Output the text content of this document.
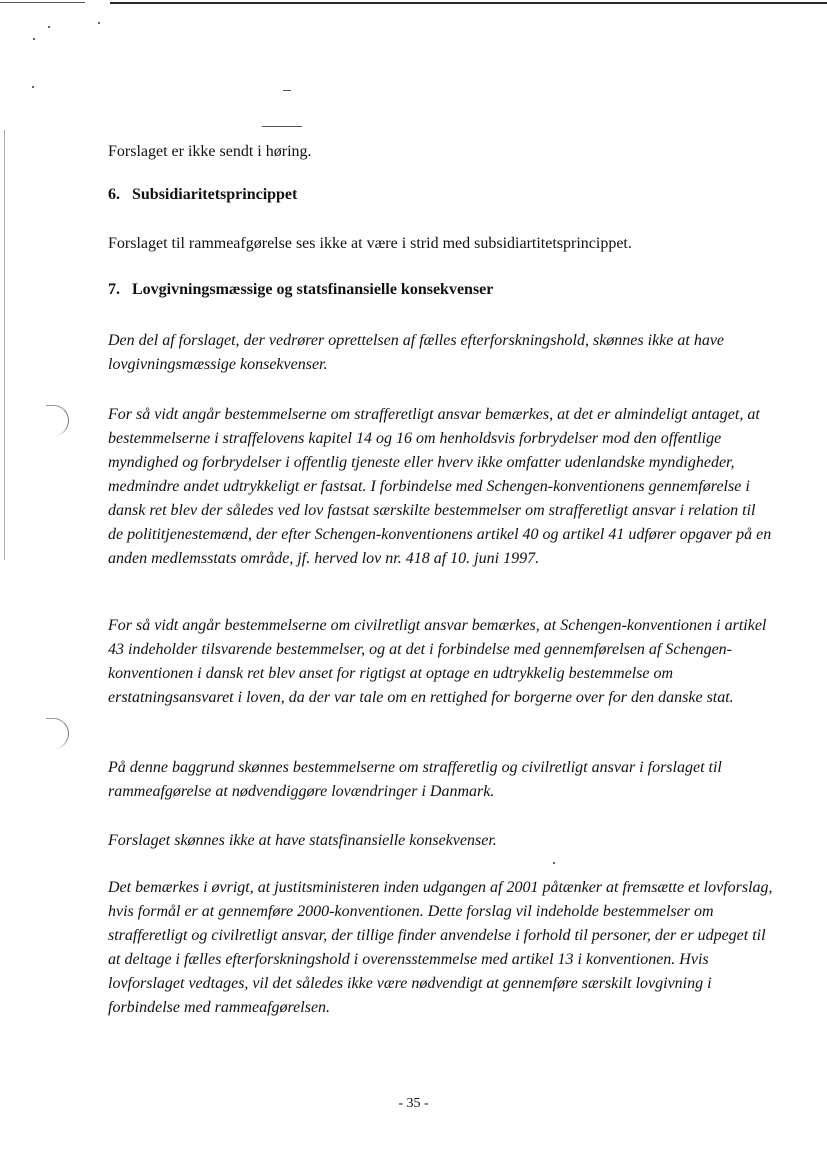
Forslaget er ikke sendt i høring.

6. Subsidiaritetsprincippet

Forslaget til rammeafgørelse ses ikke at være i strid med subsidiartitetsprincippet.

7. Lovgivningsmæssige og statsfinansielle konsekvenser

Den del af forslaget, der vedrører oprettelsen af fælles efterforskningshold, skønnes ikke at have lovgivningsmæssige konsekvenser.

For så vidt angår bestemmelserne om strafferetligt ansvar bemærkes, at det er almindeligt antaget, at bestemmelserne i straffelovens kapitel 14 og 16 om henholdsvis forbrydelser mod den offentlige myndighed og forbrydelser i offentlig tjeneste eller hverv ikke omfatter udenlandske myndigheder, medmindre andet udtrykkeligt er fastsat. I forbindelse med Schengen-konventionens gennemførelse i dansk ret blev der således ved lov fastsat særskilte bestemmelser om strafferetligt ansvar i relation til de polititjenestemænd, der efter Schengen-konventionens artikel 40 og artikel 41 udfører opgaver på en anden medlemsstats område, jf. herved lov nr. 418 af 10. juni 1997.

For så vidt angår bestemmelserne om civilretligt ansvar bemærkes, at Schengen-konventionen i artikel 43 indeholder tilsvarende bestemmelser, og at det i forbindelse med gennemførelsen af Schengen-konventionen i dansk ret blev anset for rigtigst at optage en udtrykkelig bestemmelse om erstatningsansvaret i loven, da der var tale om en rettighed for borgerne over for den danske stat.

På denne baggrund skønnes bestemmelserne om strafferetlig og civilretligt ansvar i forslaget til rammeafgørelse at nødvendiggøre lovændringer i Danmark.

Forslaget skønnes ikke at have statsfinansielle konsekvenser.

Det bemærkes i øvrigt, at justitsministeren inden udgangen af 2001 påtænker at fremsætte et lovforslag, hvis formål er at gennemføre 2000-konventionen. Dette forslag vil indeholde bestemmelser om strafferetligt og civilretligt ansvar, der tillige finder anvendelse i forhold til personer, der er udpeget til at deltage i fælles efterforskningshold i overensstemmelse med artikel 13 i konventionen. Hvis lovforslaget vedtages, vil det således ikke være nødvendigt at gennemføre særskilt lovgivning i forbindelse med rammeafgørelsen.

- 35 -
